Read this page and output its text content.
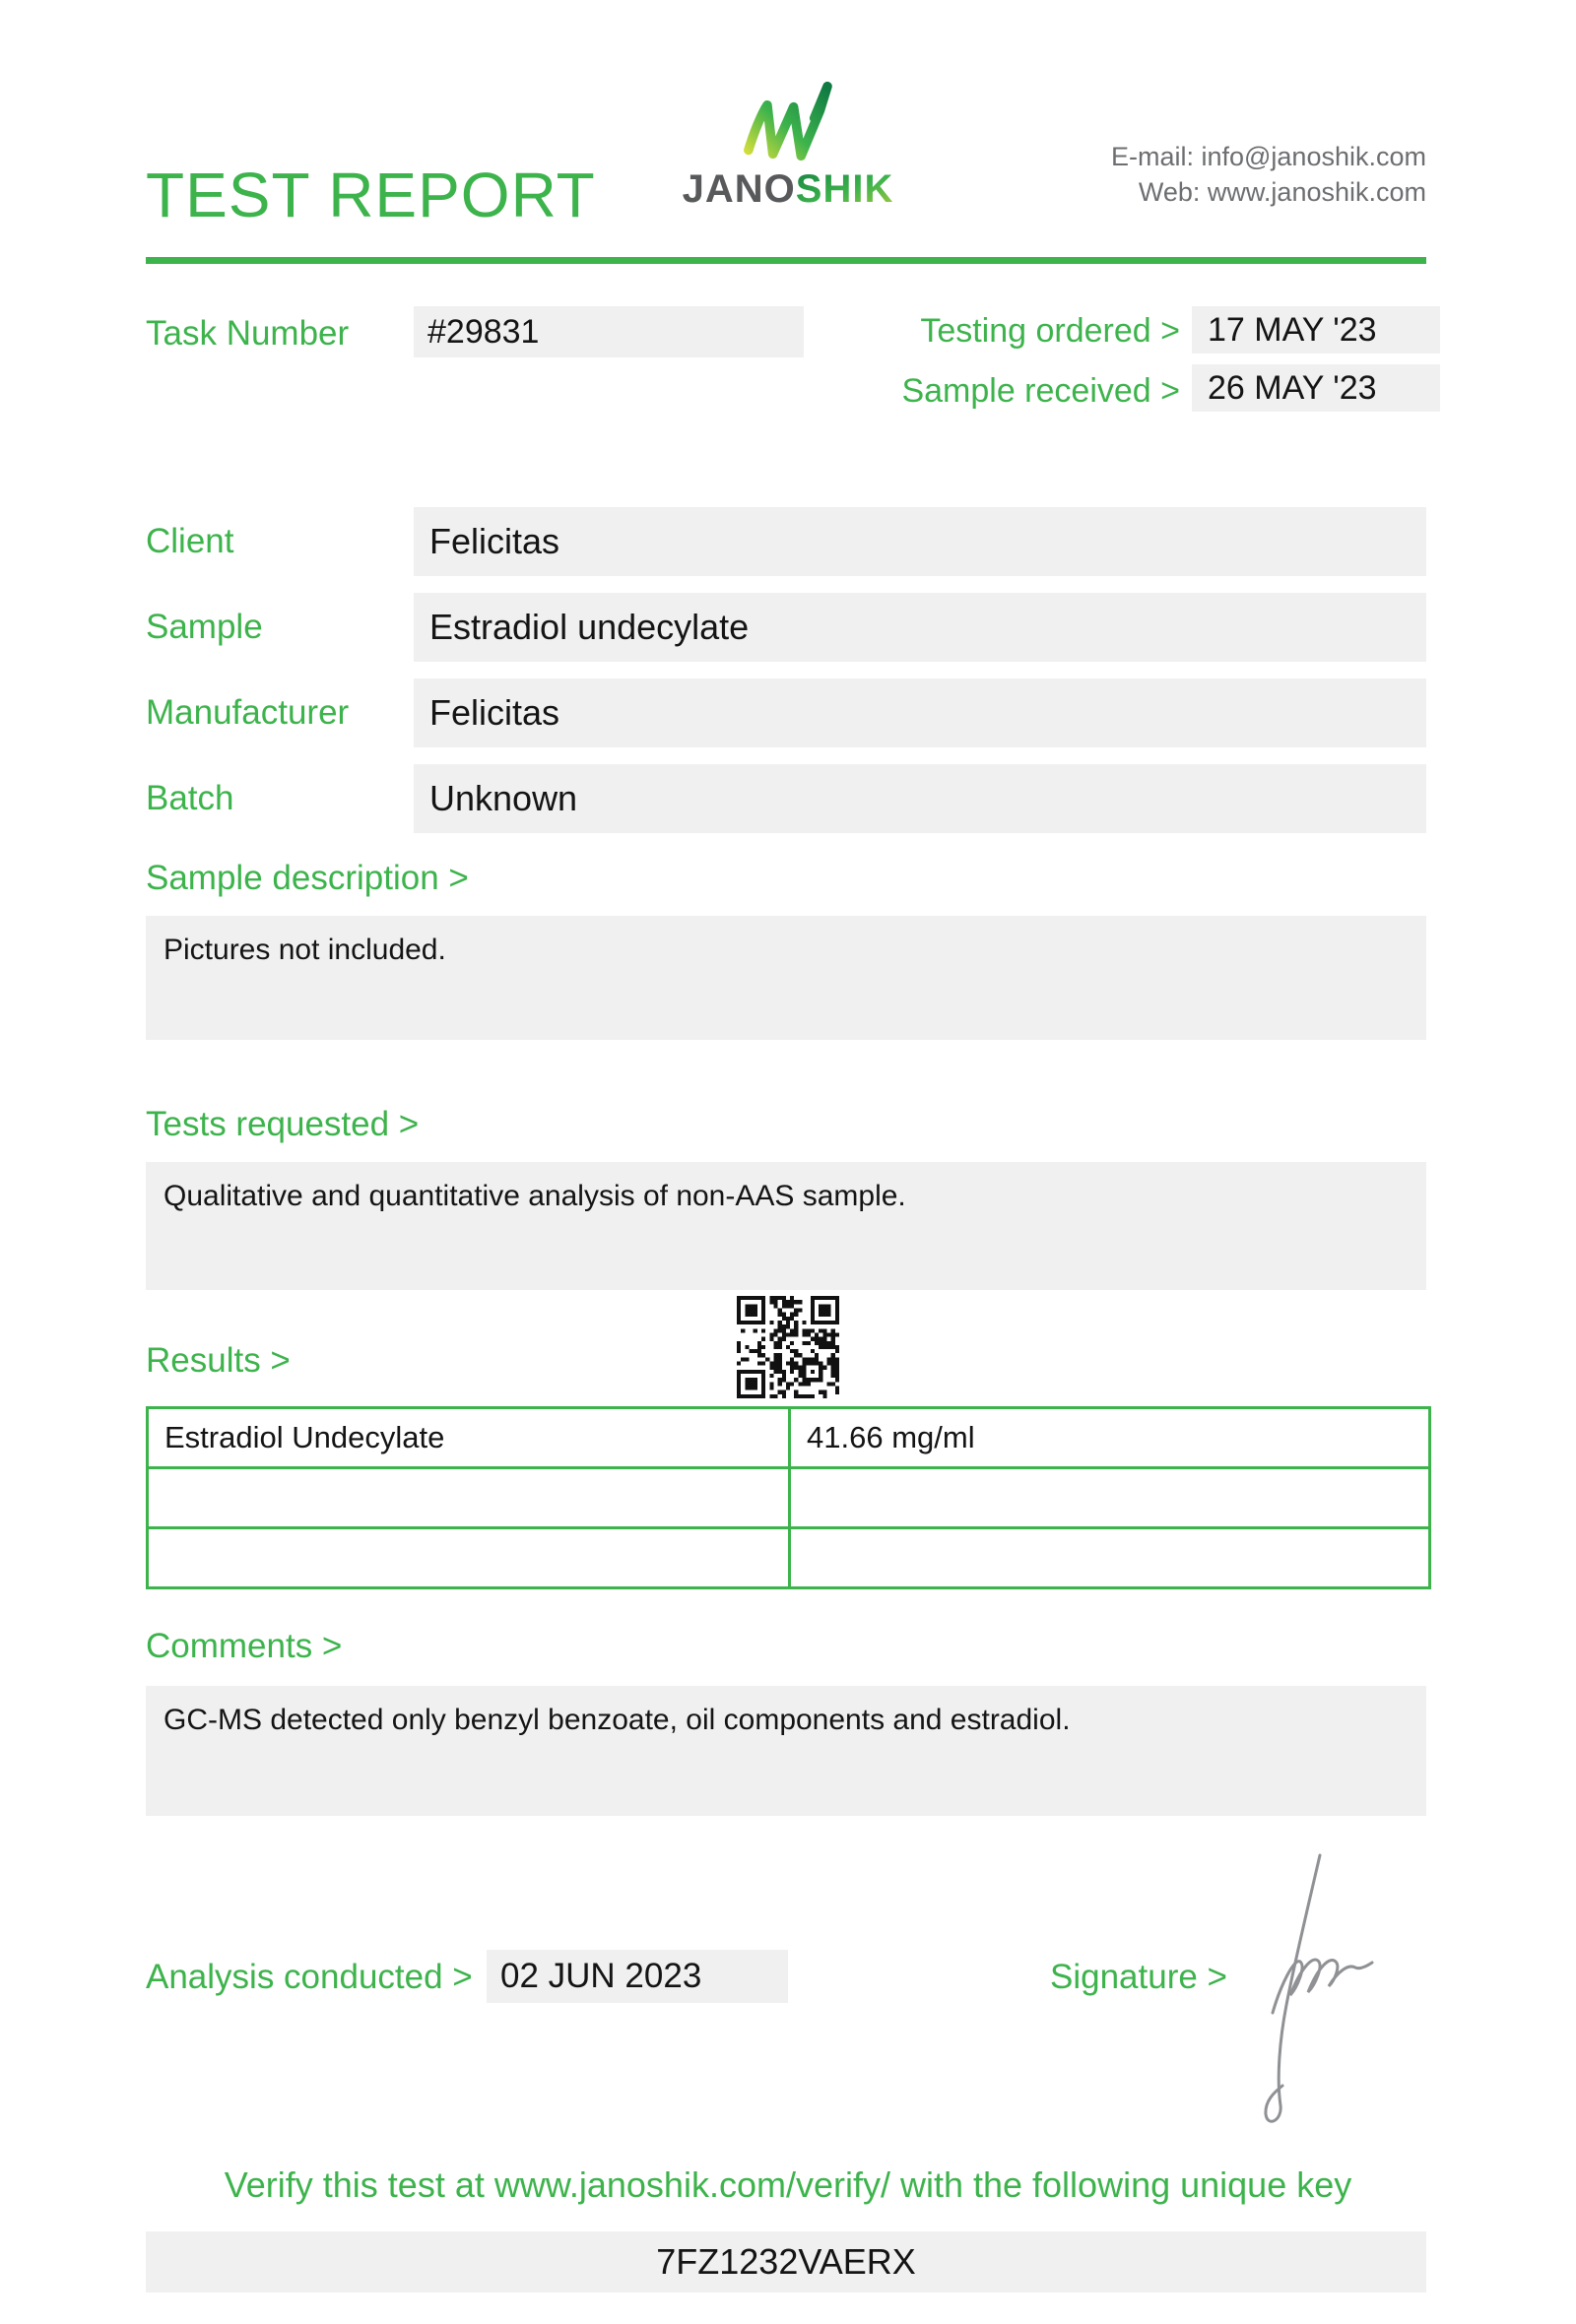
TEST REPORT	JANOSHIK
E-mail: info@janoshik.com
Web: www.janoshik.com
Task Number	#29831	Testing ordered > 17 MAY '23
Sample received > 26 MAY '23
Client	Felicitas
Sample	Estradiol undecylate
Manufacturer	Felicitas
Batch	Unknown
Sample description >
Pictures not included.
Tests requested >
Qualitative and quantitative analysis of non-AAS sample.
Results >
Estradiol Undecylate	41.66 mg/ml

Comments >
GC-MS detected only benzyl benzoate, oil components and estradiol.
Analysis conducted > 02 JUN 2023	Signature >
Verify this test at www.janoshik.com/verify/ with the following unique key
7FZ1232VAERX
